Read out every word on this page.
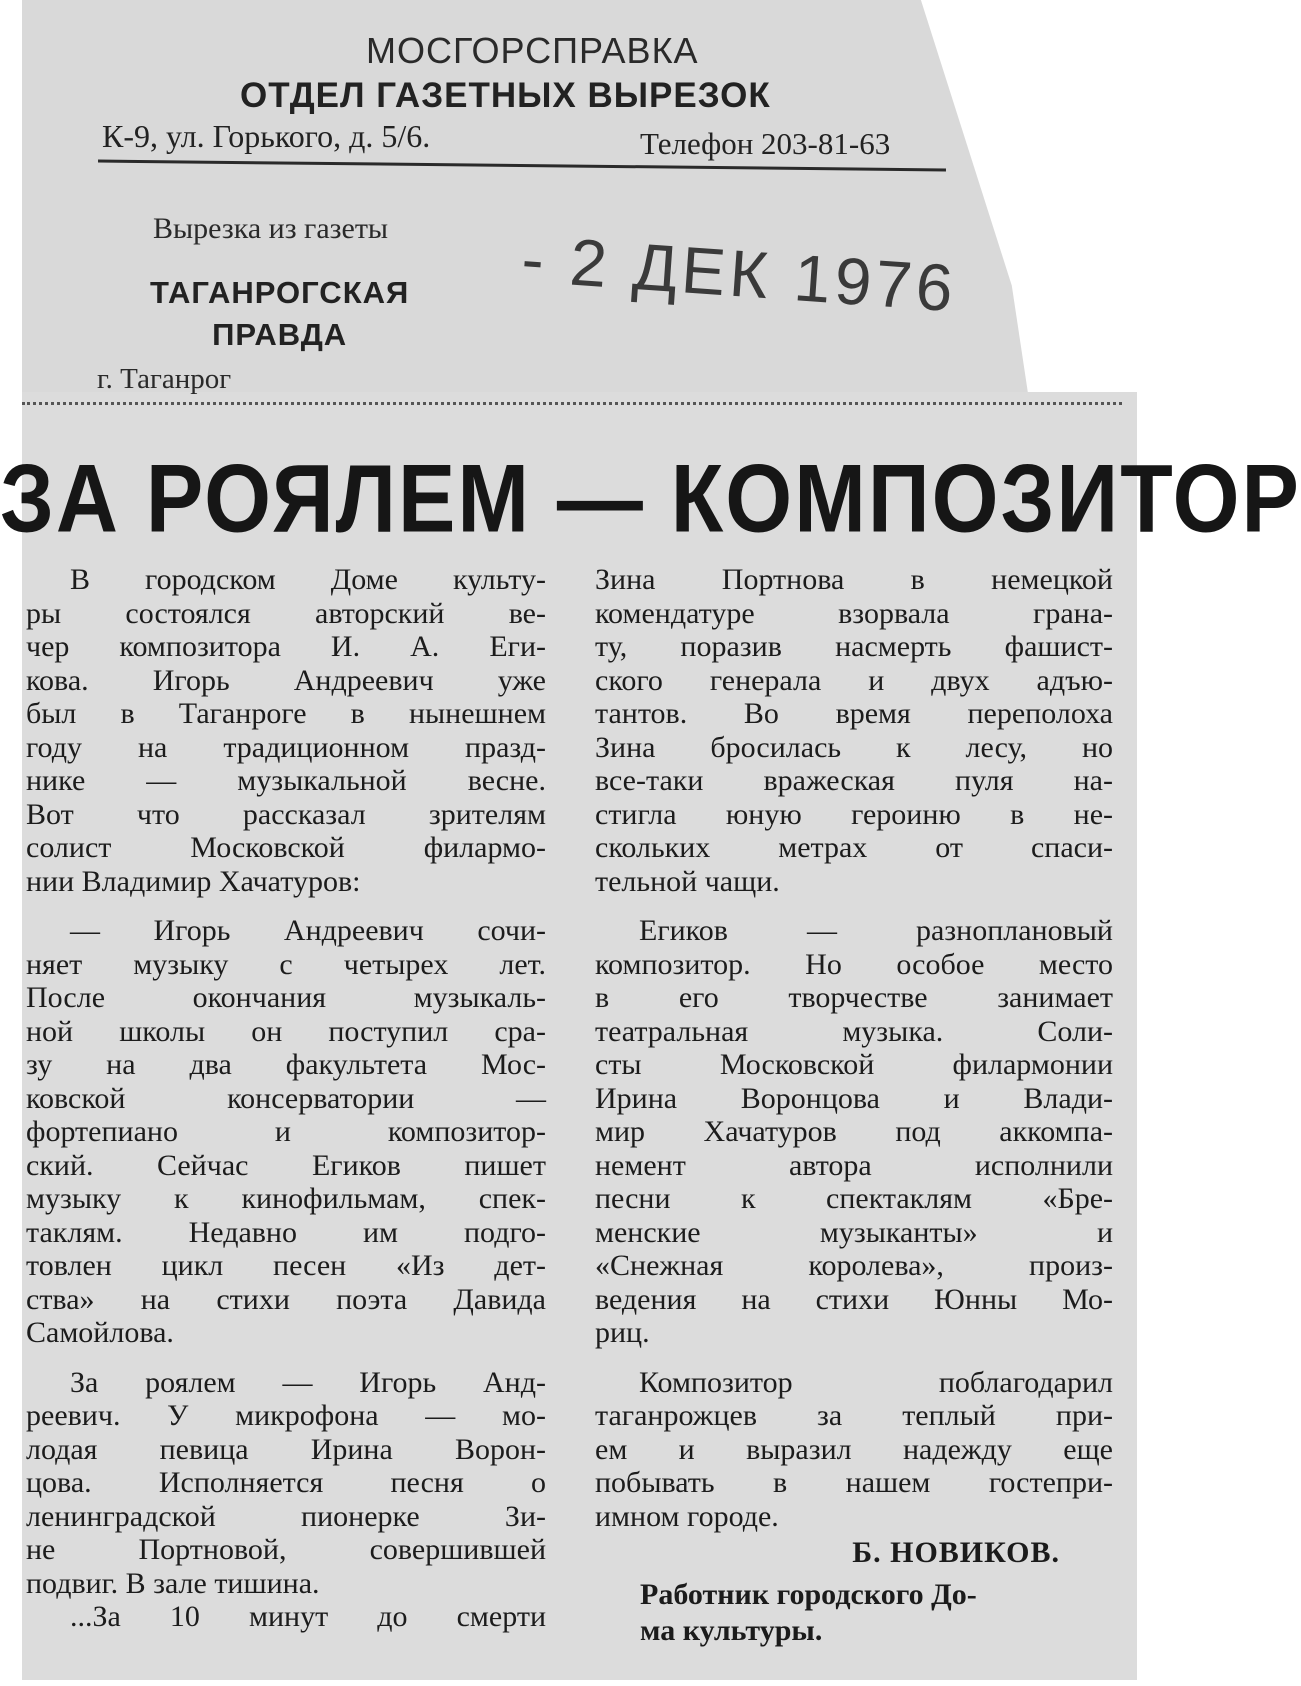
МОСГОРСПРАВКА
ОТДЕЛ ГАЗЕТНЫХ ВЫРЕЗОК
К-9, ул. Горького, д. 5/6.	Телефон 203-81-63
Вырезка из газеты
ТАГАНРОГСКАЯ
ПРАВДА
г. Таганрог
- 2 ДЕК 1976
ЗА РОЯЛЕМ — КОМПОЗИТОР
В городском Доме культу-
ры состоялся авторский ве-
чер композитора И. А. Еги-
кова. Игорь Андреевич уже
был в Таганроге в нынешнем
году на традиционном празд-
нике — музыкальной весне.
Вот что рассказал зрителям
солист Московской филармо-
нии Владимир Хачатуров:
— Игорь Андреевич сочи-
няет музыку с четырех лет.
После окончания музыкаль-
ной школы он поступил сра-
зу на два факультета Мос-
ковской консерватории —
фортепиано и композитор-
ский. Сейчас Егиков пишет
музыку к кинофильмам, спек-
таклям. Недавно им подго-
товлен цикл песен «Из дет-
ства» на стихи поэта Давида
Самойлова.
За роялем — Игорь Анд-
реевич. У микрофона — мо-
лодая певица Ирина Ворон-
цова. Исполняется песня о
ленинградской пионерке Зи-
не Портновой, совершившей
подвиг. В зале тишина.
...За 10 минут до смерти
Зина Портнова в немецкой
комендатуре взорвала грана-
ту, поразив насмерть фашист-
ского генерала и двух адъю-
тантов. Во время переполоха
Зина бросилась к лесу, но
все-таки вражеская пуля на-
стигла юную героиню в не-
скольких метрах от спаси-
тельной чащи.
Егиков — разноплановый
композитор. Но особое место
в его творчестве занимает
театральная музыка. Соли-
сты Московской филармонии
Ирина Воронцова и Влади-
мир Хачатуров под аккомпа-
немент автора исполнили
песни к спектаклям «Бре-
менские музыканты» и
«Снежная королева», произ-
ведения на стихи Юнны Мо-
риц.
Композитор поблагодарил
таганрожцев за теплый при-
ем и выразил надежду еще
побывать в нашем гостепри-
имном городе.
Б. НОВИКОВ.
Работник городского До-
ма культуры.
